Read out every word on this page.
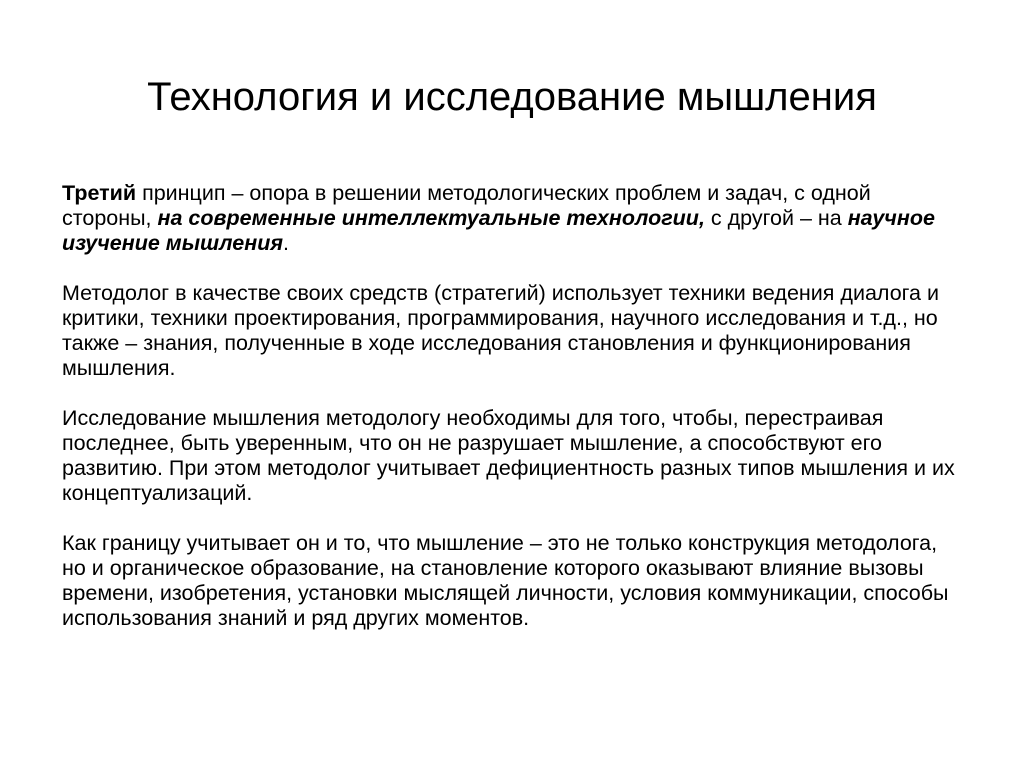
Технология и исследование мышления

Третий принцип – опора в решении методологических проблем и задач, с одной стороны, на современные интеллектуальные технологии, с другой – на научное изучение мышления.

Методолог в качестве своих средств (стратегий) использует техники ведения диалога и критики, техники проектирования, программирования, научного исследования и т.д., но также – знания, полученные в ходе исследования становления и функционирования мышления.

Исследование мышления методологу необходимы для того, чтобы, перестраивая последнее, быть уверенным, что он не разрушает мышление, а способствуют его развитию. При этом методолог учитывает дефициентность разных типов мышления и их концептуализаций.

Как границу учитывает он и то, что мышление – это не только конструкция методолога, но и органическое образование, на становление которого оказывают влияние вызовы времени, изобретения, установки мыслящей личности, условия коммуникации, способы использования знаний и ряд других моментов.
